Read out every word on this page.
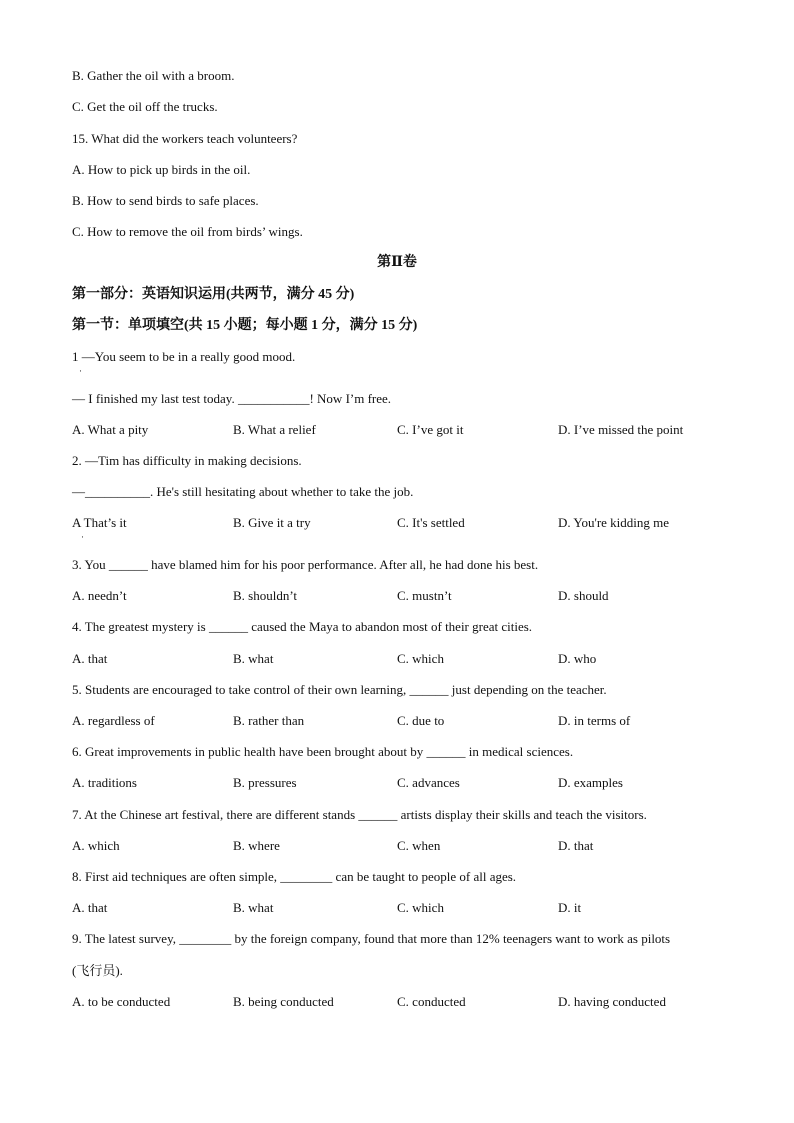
B. Gather the oil with a broom.
C. Get the oil off the trucks.
15. What did the workers teach volunteers?
A. How to pick up birds in the oil.
B. How to send birds to safe places.
C. How to remove the oil from birds’ wings.
第Ⅱ卷
第一部分：英语知识运用(共两节，满分 45 分)
第一节：单项填空(共 15 小题；每小题 1 分，满分 15 分)
1 —You seem to be in a really good mood.
·
— I finished my last test today. ___________! Now I’m free.
A. What a pity	B. What a relief	C. I’ve got it	D. I’ve missed the point
2. —Tim has difficulty in making decisions.
—__________. He's still hesitating about whether to take the job.
A That’s it	B. Give it a try	C. It's settled	D. You're kidding me
·
3. You ______ have blamed him for his poor performance. After all, he had done his best.
A. needn’t	B. shouldn’t	C. mustn’t	D. should
4. The greatest mystery is ______ caused the Maya to abandon most of their great cities.
A. that	B. what	C. which	D. who
5. Students are encouraged to take control of their own learning, ______ just depending on the teacher.
A. regardless of	B. rather than	C. due to	D. in terms of
6. Great improvements in public health have been brought about by ______ in medical sciences.
A. traditions	B. pressures	C. advances	D. examples
7. At the Chinese art festival, there are different stands ______ artists display their skills and teach the visitors.
A. which	B. where	C. when	D. that
8. First aid techniques are often simple, ________ can be taught to people of all ages.
A. that	B. what	C. which	D. it
9. The latest survey, ________ by the foreign company, found that more than 12% teenagers want to work as pilots
(飞行员).
A. to be conducted	B. being conducted	C. conducted	D. having conducted
